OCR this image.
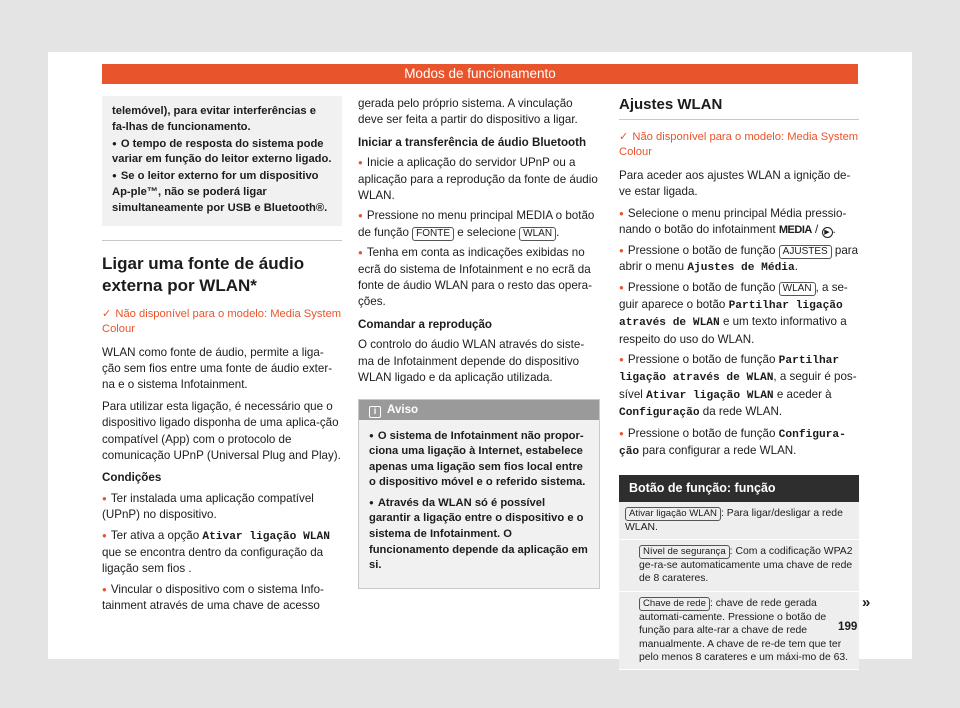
Modos de funcionamento

telemóvel), para evitar interferências e fa-lhas de funcionamento.

● O tempo de resposta do sistema pode variar em função do leitor externo ligado.

● Se o leitor externo for um dispositivo Ap-ple™, não se poderá ligar simultaneamente por USB e Bluetooth®.

Ligar uma fonte de áudio externa por WLAN*
✓ Não disponível para o modelo: Media System Colour

WLAN como fonte de áudio, permite a liga-ção sem fios entre uma fonte de áudio exter-na e o sistema Infotainment.

Para utilizar esta ligação, é necessário que o dispositivo ligado disponha de uma aplica-ção compatível (App) com o protocolo de comunicação UPnP (Universal Plug and Play).

Condições

● Ter instalada uma aplicação compatível (UPnP) no dispositivo.
● Ter ativa a opção Ativar ligação WLAN que se encontra dentro da configuração da ligação sem fios .
● Vincular o dispositivo com o sistema Info-tainment através de uma chave de acesso

gerada pelo próprio sistema. A vinculação deve ser feita a partir do dispositivo a ligar.

Iniciar a transferência de áudio Bluetooth

● Inicie a aplicação do servidor UPnP ou a aplicação para a reprodução da fonte de áudio WLAN.
● Pressione no menu principal MEDIA o botão de função FONTE e selecione WLAN .
● Tenha em conta as indicações exibidas no ecrã do sistema de Infotainment e no ecrã da fonte de áudio WLAN para o resto das opera-ções.

Comandar a reprodução

O controlo do áudio WLAN através do siste-ma de Infotainment depende do dispositivo WLAN ligado e da aplicação utilizada.

i Aviso

● O sistema de Infotainment não propor-ciona uma ligação à Internet, estabelece apenas uma ligação sem fios local entre o dispositivo móvel e o referido sistema.

● Através da WLAN só é possível garantir a ligação entre o dispositivo e o sistema de Infotainment. O funcionamento depende da aplicação em si.

Ajustes WLAN
✓ Não disponível para o modelo: Media System Colour

Para aceder aos ajustes WLAN a ignição de-ve estar ligada.

● Selecione o menu principal Média pressio-nando o botão do infotainment MEDIA / ▶ .
● Pressione o botão de função AJUSTES para abrir o menu Ajustes de Média.
● Pressione o botão de função WLAN , a se-guir aparece o botão Partilhar ligação através de WLAN e um texto informativo a respeito do uso do WLAN.
● Pressione o botão de função Partilhar ligação através de WLAN, a seguir é pos-sível Ativar ligação WLAN e aceder à Configuração da rede WLAN.
● Pressione o botão de função Configura-ção para configurar a rede WLAN.
Botão de função: função
Ativar ligação WLAN : Para ligar/desligar a rede WLAN.
Nível de segurança : Com a codificação WPA2 ge-ra-se automaticamente uma chave de rede de 8 carateres.
Chave de rede : chave de rede gerada automati-camente. Pressione o botão de função para alte-rar a chave de rede manualmente. A chave de re-de tem que ter pelo menos 8 carateres e um máxi-mo de 63.
»
199
